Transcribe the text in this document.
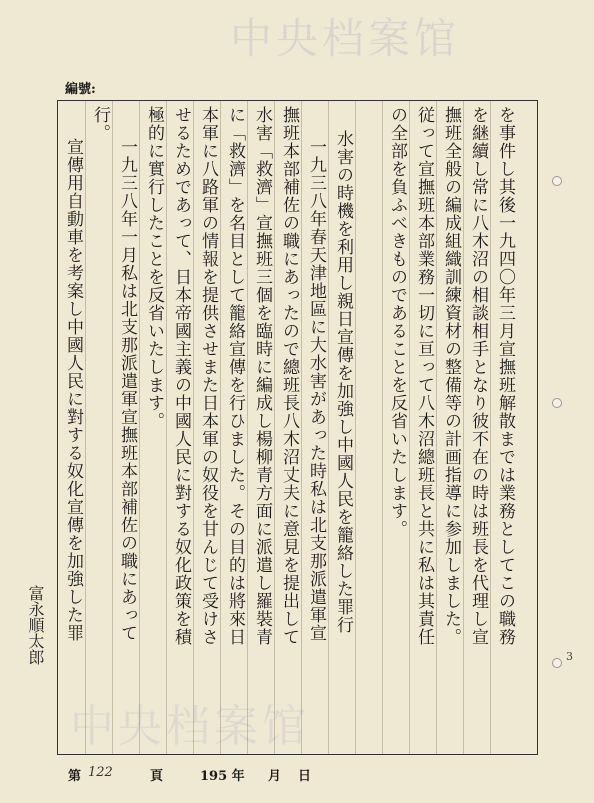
中央档案馆
中央档案馆
編號:
を事件し其後一九四〇年三月宣撫班解散までは業務としてこの職務
を継續し常に八木沼の相談相手となり彼不在の時は班長を代理し宣
撫班全般の編成組織訓練資材の整備等の計画指導に参加しました。
従って宣撫班本部業務一切に亘って八木沼總班長と共に私は其責任
の全部を負ふべきものであることを反省いたします。
水害の時機を利用し親日宣傳を加強し中國人民を籠絡した罪行
一九三八年春天津地區に大水害があった時私は北支那派遣軍宣
撫班本部補佐の職にあったので總班長八木沼丈夫に意見を提出して
水害「救濟」宣撫班三個を臨時に編成し楊柳青方面に派遣し羅裝青
に「救濟」を名目として籠絡宣傳を行ひました。その目的は將來日
本軍に八路軍の情報を提供させまた日本軍の奴役を甘んじて受けさ
せるためであって、日本帝國主義の中國人民に對する奴化政策を積
極的に實行したことを反省いたします。
行。
一九三八年一月私は北支那派遣軍宣撫班本部補佐の職にあって
宣傳用自動車を考案し中國人民に對する奴化宣傳を加強した罪
富永順太郎
第 122	頁	195 年 月 日
3
